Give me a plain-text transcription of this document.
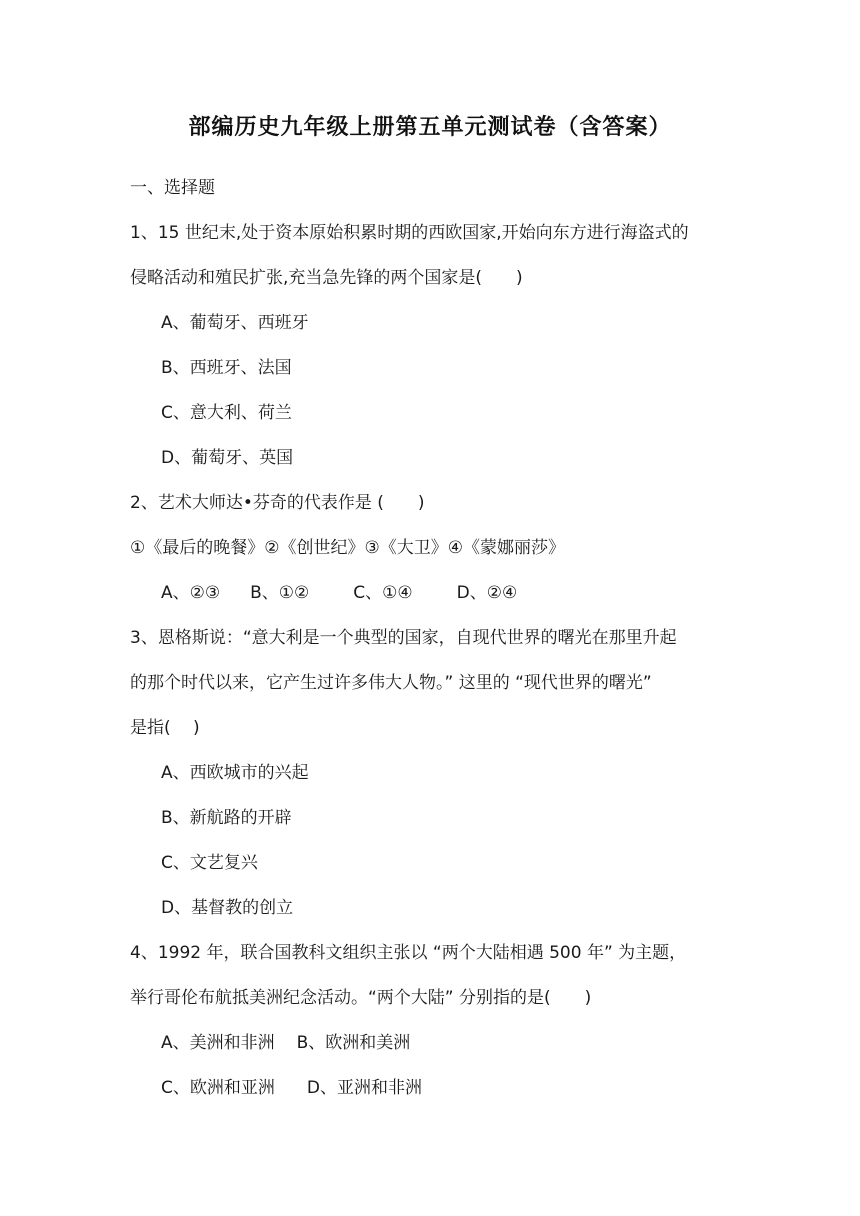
部编历史九年级上册第五单元测试卷（含答案）

一、选择题

1、15 世纪末,处于资本原始积累时期的西欧国家,开始向东方进行海盗式的

侵略活动和殖民扩张,充当急先锋的两个国家是(　　)

A、葡萄牙、西班牙

B、西班牙、法国

C、意大利、荷兰

D、葡萄牙、英国

2、艺术大师达•芬奇的代表作是 (　　)

①《最后的晚餐》②《创世纪》③《大卫》④《蒙娜丽莎》

A、②③ B、①②	C、①④	D、②④

3、恩格斯说：“意大利是一个典型的国家，自现代世界的曙光在那里升起

的那个时代以来，它产生过许多伟大人物。” 这里的 “现代世界的曙光”

是指(　 )

A、西欧城市的兴起

B、新航路的开辟

C、文艺复兴

D、基督教的创立

4、1992 年，联合国教科文组织主张以 “两个大陆相遇 500 年” 为主题，

举行哥伦布航抵美洲纪念活动。“两个大陆” 分别指的是(　　)

A、美洲和非洲 B、欧洲和美洲

C、欧洲和亚洲 D、亚洲和非洲
